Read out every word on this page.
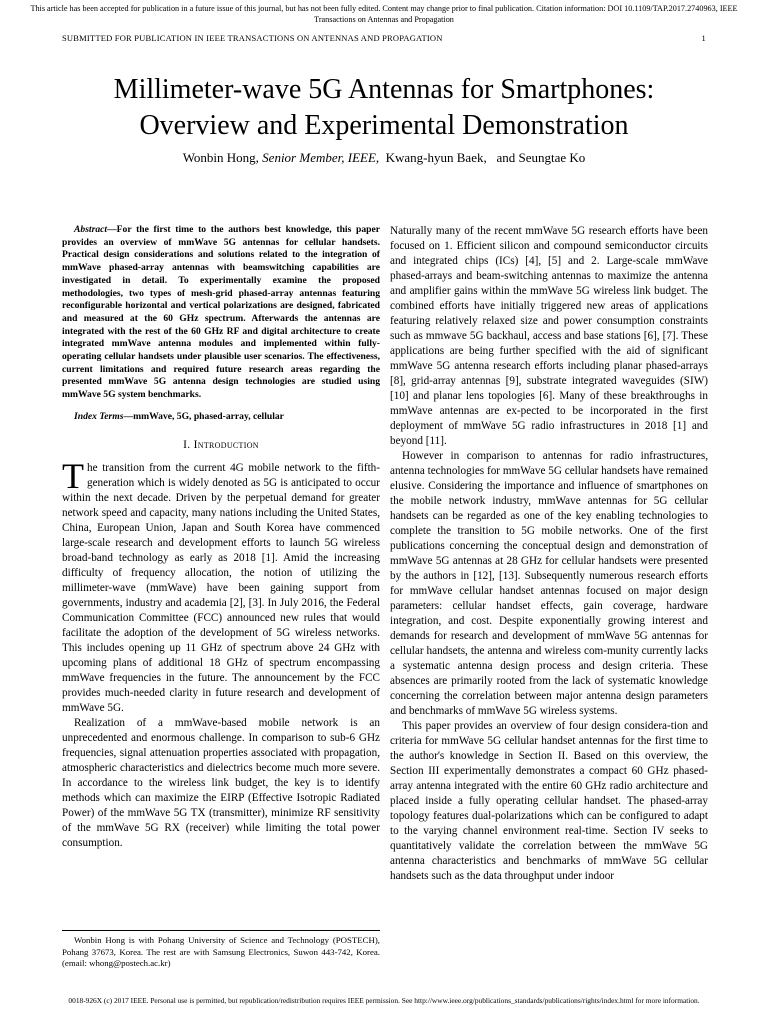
This article has been accepted for publication in a future issue of this journal, but has not been fully edited. Content may change prior to final publication. Citation information: DOI 10.1109/TAP.2017.2740963, IEEE
Transactions on Antennas and Propagation
SUBMITTED FOR PUBLICATION IN IEEE TRANSACTIONS ON ANTENNAS AND PROPAGATION	1
Millimeter-wave 5G Antennas for Smartphones:
Overview and Experimental Demonstration
Wonbin Hong, Senior Member, IEEE, Kwang-hyun Baek, and Seungtae Ko

Abstract—For the first time to the authors best knowledge, this paper provides an overview of mmWave 5G antennas for cellular handsets. Practical design considerations and solutions related to the integration of mmWave phased-array antennas with beamswitching capabilities are investigated in detail. To experimentally examine the proposed methodologies, two types of mesh-grid phased-array antennas featuring reconfigurable horizontal and vertical polarizations are designed, fabricated and measured at the 60 GHz spectrum. Afterwards the antennas are integrated with the rest of the 60 GHz RF and digital architecture to create integrated mmWave antenna modules and implemented within fully-operating cellular handsets under plausible user scenarios. The effectiveness, current limitations and required future research areas regarding the presented mmWave 5G antenna design technologies are studied using mmWave 5G system benchmarks.

Index Terms—mmWave, 5G, phased-array, cellular

I. Introduction

The transition from the current 4G mobile network to the fifth-generation which is widely denoted as 5G is anticipated to occur within the next decade. Driven by the perpetual demand for greater network speed and capacity, many nations including the United States, China, European Union, Japan and South Korea have commenced large-scale research and development efforts to launch 5G wireless broad-band technology as early as 2018 [1]. Amid the increasing difficulty of frequency allocation, the notion of utilizing the millimeter-wave (mmWave) have been gaining support from governments, industry and academia [2], [3]. In July 2016, the Federal Communication Committee (FCC) announced new rules that would facilitate the adoption of the development of 5G wireless networks. This includes opening up 11 GHz of spectrum above 24 GHz with upcoming plans of additional 18 GHz of spectrum encompassing mmWave frequencies in the future. The announcement by the FCC provides much-needed clarity in future research and development of mmWave 5G.

Realization of a mmWave-based mobile network is an unprecedented and enormous challenge. In comparison to sub-6 GHz frequencies, signal attenuation properties associated with propagation, atmospheric characteristics and dielectrics become much more severe. In accordance to the wireless link budget, the key is to identify methods which can maximize the EIRP (Effective Isotropic Radiated Power) of the mmWave 5G TX (transmitter), minimize RF sensitivity of the mmWave 5G RX (receiver) while limiting the total power consumption.

Wonbin Hong is with Pohang University of Science and Technology (POSTECH), Pohang 37673, Korea. The rest are with Samsung Electronics, Suwon 443-742, Korea. (email: whong@postech.ac.kr)

Naturally many of the recent mmWave 5G research efforts have been focused on 1. Efficient silicon and compound semiconductor circuits and integrated chips (ICs) [4], [5] and 2. Large-scale mmWave phased-arrays and beam-switching antennas to maximize the antenna and amplifier gains within the mmWave 5G wireless link budget. The combined efforts have initially triggered new areas of applications featuring relatively relaxed size and power consumption constraints such as mmwave 5G backhaul, access and base stations [6], [7]. These applications are being further specified with the aid of significant mmWave 5G antenna research efforts including planar phased-arrays [8], grid-array antennas [9], substrate integrated waveguides (SIW) [10] and planar lens topologies [6]. Many of these breakthroughs in mmWave antennas are ex-pected to be incorporated in the first deployment of mmWave 5G radio infrastructures in 2018 [1] and beyond [11].

However in comparison to antennas for radio infrastructures, antenna technologies for mmWave 5G cellular handsets have remained elusive. Considering the importance and influence of smartphones on the mobile network industry, mmWave antennas for 5G cellular handsets can be regarded as one of the key enabling technologies to complete the transition to 5G mobile networks. One of the first publications concerning the conceptual design and demonstration of mmWave 5G antennas at 28 GHz for cellular handsets were presented by the authors in [12], [13]. Subsequently numerous research efforts for mmWave cellular handset antennas focused on major design parameters: cellular handset effects, gain coverage, hardware integration, and cost. Despite exponentially growing interest and demands for research and development of mmWave 5G antennas for cellular handsets, the antenna and wireless com-munity currently lacks a systematic antenna design process and design criteria. These absences are primarily rooted from the lack of systematic knowledge concerning the correlation between major antenna design parameters and benchmarks of mmWave 5G wireless systems.

This paper provides an overview of four design considera-tion and criteria for mmWave 5G cellular handset antennas for the first time to the author's knowledge in Section II. Based on this overview, the Section III experimentally demonstrates a compact 60 GHz phased-array antenna integrated with the entire 60 GHz radio architecture and placed inside a fully operating cellular handset. The phased-array topology features dual-polarizations which can be configured to adapt to the varying channel environment real-time. Section IV seeks to quantitatively validate the correlation between the mmWave 5G antenna characteristics and benchmarks of mmWave 5G cellular handsets such as the data throughput under indoor

0018-926X (c) 2017 IEEE. Personal use is permitted, but republication/redistribution requires IEEE permission. See http://www.ieee.org/publications_standards/publications/rights/index.html for more information.
